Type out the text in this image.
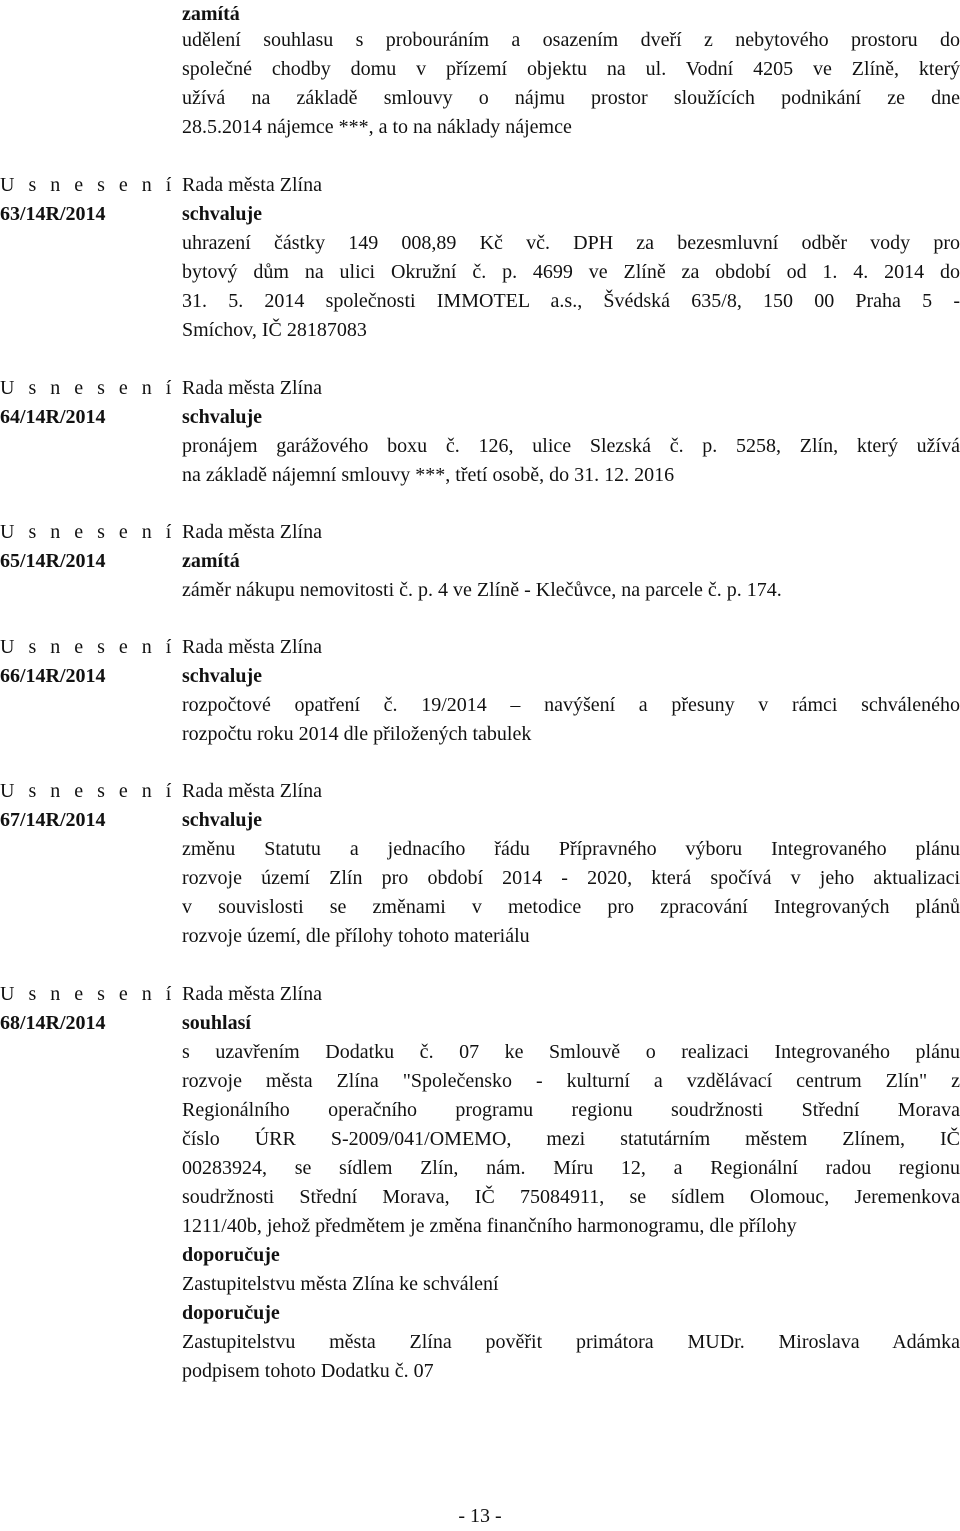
zamítá
udělení souhlasu s probouráním a osazením dveří z nebytového prostoru do
společné chodby domu v přízemí objektu na ul. Vodní 4205 ve Zlíně, který
užívá na základě smlouvy o nájmu prostor sloužících podnikání ze dne
28.5.2014 nájemce ***, a to na náklady nájemce
U s n e s e n í
63/14R/2014
Rada města Zlína
schvaluje
uhrazení částky 149 008,89 Kč vč. DPH za bezesmluvní odběr vody pro
bytový dům na ulici Okružní č. p. 4699 ve Zlíně za období od 1. 4. 2014 do
31. 5. 2014 společnosti IMMOTEL a.s., Švédská 635/8, 150 00 Praha 5 -
Smíchov, IČ 28187083
U s n e s e n í
64/14R/2014
Rada města Zlína
schvaluje
pronájem garážového boxu č. 126, ulice Slezská č. p. 5258, Zlín, který užívá
na základě nájemní smlouvy ***, třetí osobě, do 31. 12. 2016
U s n e s e n í
65/14R/2014
Rada města Zlína
zamítá
záměr nákupu nemovitosti č. p. 4 ve Zlíně - Klečůvce, na parcele č. p. 174.
U s n e s e n í
66/14R/2014
Rada města Zlína
schvaluje
rozpočtové opatření č. 19/2014 – navýšení a přesuny v rámci schváleného
rozpočtu roku 2014 dle přiložených tabulek
U s n e s e n í
67/14R/2014
Rada města Zlína
schvaluje
změnu Statutu a jednacího řádu Přípravného výboru Integrovaného plánu
rozvoje území Zlín pro období 2014 - 2020, která spočívá v jeho aktualizaci
v souvislosti se změnami v metodice pro zpracování Integrovaných plánů
rozvoje území, dle přílohy tohoto materiálu
U s n e s e n í
68/14R/2014
Rada města Zlína
souhlasí
s uzavřením Dodatku č. 07 ke Smlouvě o realizaci Integrovaného plánu
rozvoje města Zlína "Společensko - kulturní a vzdělávací centrum Zlín" z
Regionálního operačního programu regionu soudržnosti Střední Morava
číslo ÚRR S-2009/041/OMEMO, mezi statutárním městem Zlínem, IČ
00283924, se sídlem Zlín, nám. Míru 12, a Regionální radou regionu
soudržnosti Střední Morava, IČ 75084911, se sídlem Olomouc, Jeremenkova
1211/40b, jehož předmětem je změna finančního harmonogramu, dle přílohy
doporučuje
Zastupitelstvu města Zlína ke schválení
doporučuje
Zastupitelstvu města Zlína pověřit primátora MUDr. Miroslava Adámka
podpisem tohoto Dodatku č. 07
- 13 -
